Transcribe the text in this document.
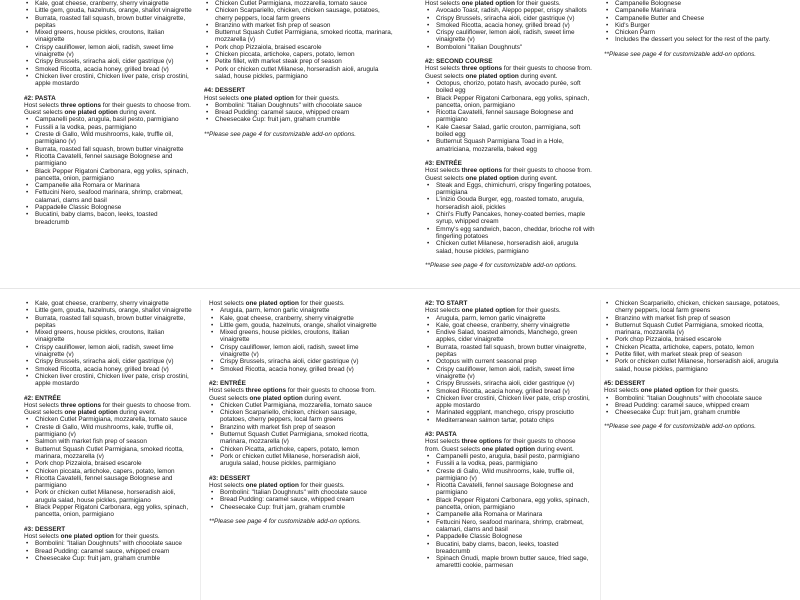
• Kale, goat cheese, cranberry, sherry vinaigrette
• Little gem, gouda, hazelnuts, orange, shallot vinaigrette
• Burrata, roasted fall squash, brown butter vinaigrette, pepitas
• Mixed greens, house pickles, croutons, Italian vinaigrette
• Crispy cauliflower, lemon aioli, radish, sweet lime vinaigrette (v)
• Crispy Brussels, sriracha aioli, cider gastrique (v)
• Smoked Ricotta, acacia honey, grilled bread (v)
• Chicken liver crostini, Chicken liver pate, crisp crostini, apple mostardo
#2: PASTA
Host selects three options for their guests to choose from. Guest selects one plated option during event.
• Campanelli pesto, arugula, basil pesto, parmigiano
• Fussili a la vodka, peas, parmigiano
• Creste di Gallo, Wild mushrooms, kale, truffle oil, parmigiano (v)
• Burrata, roasted fall squash, brown butter vinaigrette
• Ricotta Cavatelli, fennel sausage Bolognese and parmigiano
• Black Pepper Rigatoni Carbonara, egg yolks, spinach, pancetta, onion, parmigiano
• Campanelle alla Romara or Marinara
• Fettucini Nero, seafood marinara, shrimp, crabmeat, calamari, clams and basil
• Pappadelle Classic Bolognese
• Bucatini, baby clams, bacon, leeks, toasted breadcrumb
• Chicken Cutlet Parmigiana, mozzarella, tomato sauce
• Chicken Scarpariello, chicken, chicken sausage, potatoes, cherry peppers, local farm greens
• Branzino with market fish prep of season
• Butternut Squash Cutlet Parmigiana, smoked ricotta, marinara, mozzarella (v)
• Pork chop Pizzaiola, braised escarole
• Chicken piccata, artichoke, capers, potato, lemon
• Petite fillet, with market steak prep of season
• Pork or chicken cutlet Milanese, horseradish aioli, arugula salad, house pickles, parmigiano
#4: DESSERT
Host selects one plated option for their guests.
• Bombolini: "Italian Doughnuts" with chocolate sauce
• Bread Pudding: caramel sauce, whipped cream
• Cheesecake Cup: fruit jam, graham crumble
**Please see page 4 for customizable add-on options.
Host selects one plated option for their guests.
• Avocado Toast, radish, Aleppo pepper, crispy shallots
• Crispy Brussels, sriracha aioli, cider gastrique (v)
• Smoked Ricotta, acacia honey, grilled bread (v)
• Crispy cauliflower, lemon aioli, radish, sweet lime vinaigrette (v)
• Bomboloni "Italian Doughnuts"
#2: SECOND COURSE
Host selects three options for their guests to choose from. Guest selects one plated option during event.
• Octopus, chorizo, potato hash, avocado purée, soft boiled egg
• Black Pepper Rigatoni Carbonara, egg yolks, spinach, pancetta, onion, parmigiano
• Ricotta Cavatelli, fennel sausage Bolognese and parmigiano
• Kale Caesar Salad, garlic crouton, parmigiana, soft boiled egg
• Butternut Squash Parmigiana Toad in a Hole, amatriciana, mozzarella, baked egg
#3: ENTRÉE
Host selects three options for their guests to choose from. Guest selects one plated option during event.
• Steak and Eggs, chimichurri, crispy fingerling potatoes, parmigiana
• L'inizio Gouda Burger, egg, roasted tomato, arugula, horseradish aioli, pickles
• Chiri's Fluffy Pancakes, honey-coated berries, maple syrup, whipped cream
• Emmy's egg sandwich, bacon, cheddar, brioche roll with fingerling potatoes
• Chicken cutlet Milanese, horseradish aioli, arugula salad, house pickles, parmigiano
**Please see page 4 for customizable add-on options.
• Campanelle Bolognese
• Campanelle Marinara
• Campanelle Butter and Cheese
• Kid's Burger
• Chicken Parm
• Includes the dessert you select for the rest of the party.
**Please see page 4 for customizable add-on options.
• Kale, goat cheese, cranberry, sherry vinaigrette
• Little gem, gouda, hazelnuts, orange, shallot vinaigrette
• Burrata, roasted fall squash, brown butter vinaigrette, pepitas
• Mixed greens, house pickles, croutons, Italian vinaigrette
• Crispy cauliflower, lemon aioli, radish, sweet lime vinaigrette (v)
• Crispy Brussels, sriracha aioli, cider gastrique (v)
• Smoked Ricotta, acacia honey, grilled bread (v)
• Chicken liver crostini, Chicken liver pate, crisp crostini, apple mostardo
#2: ENTRÉE
Host selects three options for their guests to choose from. Guest selects one plated option during event.
• Chicken Cutlet Parmigiana, mozzarella, tomato sauce
• Creste di Gallo, Wild mushrooms, kale, truffle oil, parmigiano (v)
• Salmon with market fish prep of season
• Butternut Squash Cutlet Parmigiana, smoked ricotta, marinara, mozzarella (v)
• Pork chop Pizzaiola, braised escarole
• Chicken piccata, artichoke, capers, potato, lemon
• Ricotta Cavatelli, fennel sausage Bolognese and parmigiano
• Pork or chicken cutlet Milanese, horseradish aioli, arugula salad, house pickles, parmigiano
• Black Pepper Rigatoni Carbonara, egg yolks, spinach, pancetta, onion, parmigiano
#3: DESSERT
Host selects one plated option for their guests.
• Bombolini: "Italian Doughnuts" with chocolate sauce
• Bread Pudding: caramel sauce, whipped cream
• Cheesecake Cup: fruit jam, graham crumble
Host selects one plated option for their guests.
• Arugula, parm, lemon garlic vinaigrette
• Kale, goat cheese, cranberry, sherry vinaigrette
• Little gem, gouda, hazelnuts, orange, shallot vinaigrette
• Mixed greens, house pickles, croutons, Italian vinaigrette
• Crispy cauliflower, lemon aioli, radish, sweet lime vinaigrette (v)
• Crispy Brussels, sriracha aioli, cider gastrique (v)
• Smoked Ricotta, acacia honey, grilled bread (v)
#2: ENTRÉE
Host selects three options for their guests to choose from. Guest selects one plated option during event.
• Chicken Cutlet Parmigiana, mozzarella, tomato sauce
• Chicken Scarpariello, chicken, chicken sausage, potatoes, cherry peppers, local farm greens
• Branzino with market fish prep of season
• Butternut Squash Cutlet Parmigiana, smoked ricotta, marinara, mozzarella (v)
• Chicken Picatta, artichoke, capers, potato, lemon
• Pork or chicken cutlet Milanese, horseradish aioli, arugula salad, house pickles, parmigiano
#3: DESSERT
Host selects one plated option for their guests.
• Bombolini: "Italian Doughnuts" with chocolate sauce
• Bread Pudding: caramel sauce, whipped cream
• Cheesecake Cup: fruit jam, graham crumble
**Please see page 4 for customizable add-on options.
#2: TO START
Host selects one plated option for their guests.
• Arugula, parm, lemon garlic vinaigrette
• Kale, goat cheese, cranberry, sherry vinaigrette
• Endive Salad, toasted almonds, Manchego, green apples, cider vinaigrette
• Burrata, roasted fall squash, brown butter vinaigrette, pepitas
• Octopus with current seasonal prep
• Crispy cauliflower, lemon aioli, radish, sweet lime vinaigrette (v)
• Crispy Brussels, sriracha aioli, cider gastrique (v)
• Smoked Ricotta, acacia honey, grilled bread (v)
• Chicken liver crostini, Chicken liver pate, crisp crostini, apple mostardo
• Marinated eggplant, manchego, crispy prosciutto
• Mediterranean salmon tartar, potato chips
#3: PASTA
Host selects three options for their guests to choose from. Guest selects one plated option during event.
• Campanelli pesto, arugula, basil pesto, parmigiano
• Fussili a la vodka, peas, parmigiano
• Creste di Gallo, Wild mushrooms, kale, truffle oil, parmigiano (v)
• Ricotta Cavatelli, fennel sausage Bolognese and parmigiano
• Black Pepper Rigatoni Carbonara, egg yolks, spinach, pancetta, onion, parmigiano
• Campanelle alla Romana or Marinara
• Fettucini Nero, seafood marinara, shrimp, crabmeat, calamari, clams and basil
• Pappadelle Classic Bolognese
• Bucatini, baby clams, bacon, leeks, toasted breadcrumb
• Spinach Gnudi, maple brown butter sauce, fried sage, amarettti cookie, parmesan
• Chicken Scarpariello, chicken, chicken sausage, potatoes, cherry peppers, local farm greens
• Branzino with market fish prep of season
• Butternut Squash Cutlet Parmigiana, smoked ricotta, marinara, mozzarella (v)
• Pork chop Pizzaiola, braised escarole
• Chicken Picatta, artichoke, capers, potato, lemon
• Petite fillet, with market steak prep of season
• Pork or chicken cutlet Milanese, horseradish aioli, arugula salad, house pickles, parmigiano
#5: DESSERT
Host selects one plated option for their guests.
• Bombolini: "Italian Doughnuts" with chocolate sauce
• Bread Pudding: caramel sauce, whipped cream
• Cheesecake Cup: fruit jam, graham crumble
**Please see page 4 for customizable add-on options.
